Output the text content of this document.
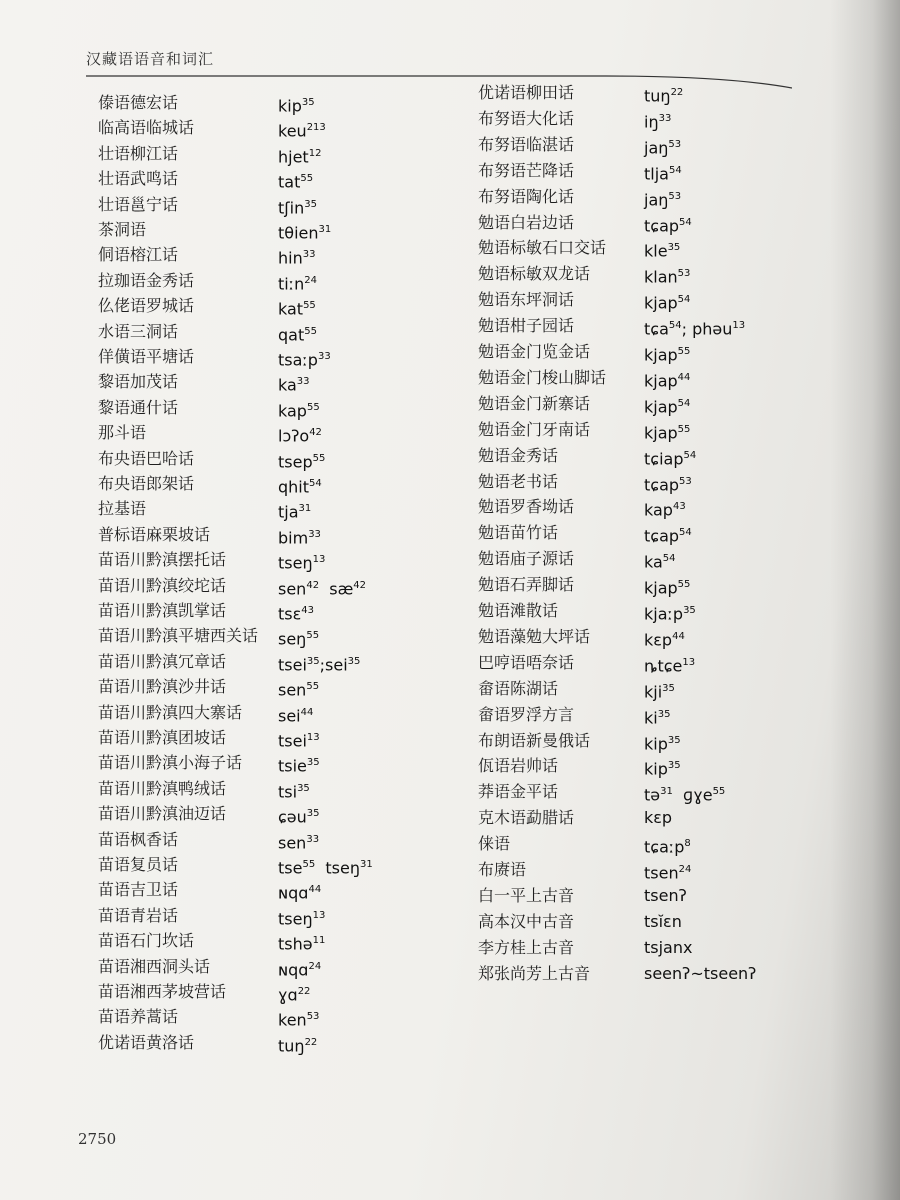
汉藏语语音和词汇
傣语德宏话	kip$^{35}$
临高语临城话	keu$^{213}$
壮语柳江话	hjet$^{12}$
壮语武鸣话	tat$^{55}$
壮语邕宁话	tʃin$^{35}$
茶洞语	tθien$^{31}$
侗语榕江话	hin$^{33}$
拉珈语金秀话	tiːn$^{24}$
仫佬语罗城话	kat$^{55}$
水语三洞话	qat$^{55}$
佯僙语平塘话	tsaːp$^{33}$
黎语加茂话	$ka^{33}$
黎语通什话	kap$^{55}$
那斗语	lɔʔo$^{42}$
布央语巴哈话	tsep$^{55}$
布央语郎架话	qhit$^{54}$
拉基语	tja$^{31}$
普标语麻栗坡话	bim$^{33}$
苗语川黔滇摆托话	tseŋ$^{13}$
苗语川黔滇绞坨话	sen$^{42}$  $sæ^{42}$
苗语川黔滇凯掌话	tsɛ$^{43}$
苗语川黔滇平塘西关话 seŋ$^{55}$
苗语川黔滇冗章话	tsei$^{35}$;sei$^{35}$
苗语川黔滇沙井话	sen$^{55}$
苗语川黔滇四大寨话 sei$^{44}$
苗语川黔滇团坡话	tsei$^{13}$
苗语川黔滇小海子话 tsie$^{35}$
苗语川黔滇鸭绒话	tsi$^{35}$
苗语川黔滇油迈话	ɕəu$^{35}$
苗语枫香话	sen$^{33}$
苗语复员话	tse$^{55}$  tseŋ$^{31}$
苗语吉卫话	ɴqɑ$^{44}$
苗语青岩话	tseŋ$^{13}$
苗语石门坎话	tshə$^{11}$
苗语湘西洞头话	ɴqɑ$^{24}$
苗语湘西茅坡营话	ɣɑ$^{22}$
苗语养蒿话	ken$^{53}$
优诺语黄洛话	tuŋ$^{22}$
优诺语柳田话	tuŋ$^{22}$
布努语大化话	$iŋ^{33}$
布努语临湛话	jaŋ$^{53}$
布努语芒降话	tlja$^{54}$
布努语陶化话	jaŋ$^{53}$
勉语白岩边话	tɕap$^{54}$
勉语标敏石口交话 kle$^{35}$
勉语标敏双龙话	klan$^{53}$
勉语东坪洞话	kjap$^{54}$
勉语柑子园话	tɕa$^{54}$; phəu$^{13}$
勉语金门览金话	kjap$^{55}$
勉语金门梭山脚话 kjap$^{44}$
勉语金门新寨话	kjap$^{54}$
勉语金门牙南话	kjap$^{55}$
勉语金秀话	tɕiap$^{54}$
勉语老书话	tɕap$^{53}$
勉语罗香坳话	kap$^{43}$
勉语苗竹话	tɕap$^{54}$
勉语庙子源话	$ka^{54}$
勉语石弄脚话	kjap$^{55}$
勉语滩散话	kjaːp$^{35}$
勉语藻勉大坪话	kɛp$^{44}$
巴哼语唔奈话	ȵtɕe$^{13}$
畲语陈湖话	kji$^{35}$
畲语罗浮方言	$ki^{35}$
布朗语新曼俄话	kip$^{35}$
佤语岩帅话	kip$^{35}$
莽语金平话	tə$^{31}$  ɡɣe$^{55}$
克木语勐腊话	kɛp
俫语	tɕaːp$^8$
布赓语	tsen$^{24}$
白一平上古音	tsenʔ
高本汉中古音	tsĭɛn
李方桂上古音	tsjanx
郑张尚芳上古音	seenʔ~tseenʔ
2750
